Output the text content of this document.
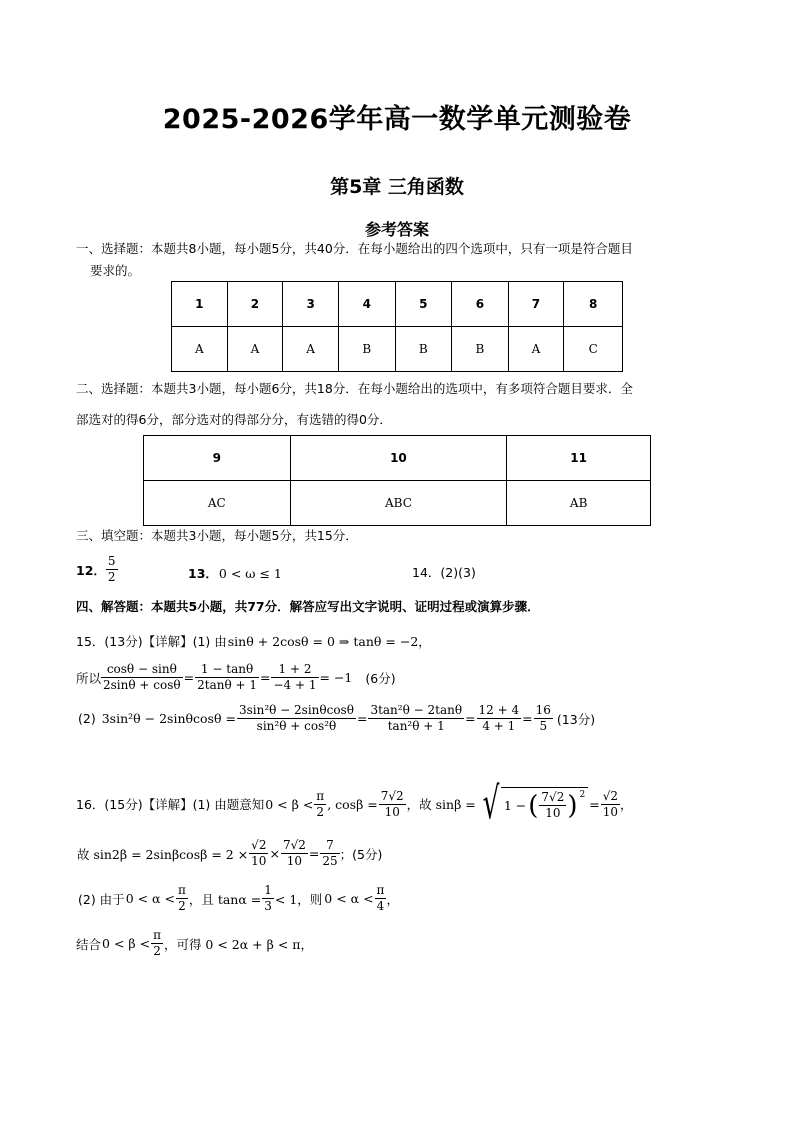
2025-2026学年高一数学单元测验卷
第5章 三角函数
参考答案
一、选择题：本题共8小题，每小题5分，共40分．在每小题给出的四个选项中，只有一项是符合题目
要求的。
1	2	3	4	5	6	7	8
A	A	A	B	B	B	A	C
二、选择题：本题共3小题，每小题6分，共18分．在每小题给出的选项中，有多项符合题目要求．全
部选对的得6分，部分选对的得部分分，有选错的得0分．
9	10	11
AC	ABC	AB
三、填空题：本题共3小题，每小题5分，共15分．
12． $\frac{5}{2}$	13． 0 < ω ≤ 1	14．(2)(3)
四、解答题：本题共5小题，共77分．解答应写出文字说明、证明过程或演算步骤．
15．(13分)【详解】(1) 由 sinθ + 2cosθ = 0 ⇒ tanθ = −2，
所以 $\frac{\cos\theta - \sin\theta}{2\sin\theta + \cos\theta} = \frac{1 - \tan\theta}{2\tan\theta + 1} = \frac{1 + 2}{-4 + 1} = -1$ (6分)
(2) $3\sin^2\theta - 2\sin\theta\cos\theta = \frac{\text{3sin²θ − 2sinθcosθ}}{\text{sin²θ + cos²θ}} = \frac{\text{3tan²θ − 2tanθ}}{\text{tan²θ + 1}} = \frac{12 + 4}{4 + 1} = \frac{16}{5} (13$分)
16．(15分)【详解】(1) 由题意知 $0 < \beta < \frac{\pi}{2}$ , $\cos\beta = \frac{7√2}{10}$ ，故 sinβ = √ 1 − ( $\frac{7√2}{10} )^2$
= $\frac{√2}{10}$ ，
故 $\sin 2\beta = 2\sin\beta\cos\beta = 2 \times \frac{√2}{10} \times \frac{7√2}{10} = \frac{7}{25}$ ；(5分)
(2) 由于 $0 < \alpha < \frac{\pi}{2}$ ，且 $\tan\alpha = \frac{1}{3} < 1$，则 $0 < \alpha < \frac{\pi}{4}$ ，
结合 $0 < \beta < \frac{\pi}{2}$ ，可得 0 < 2α + β < π，
